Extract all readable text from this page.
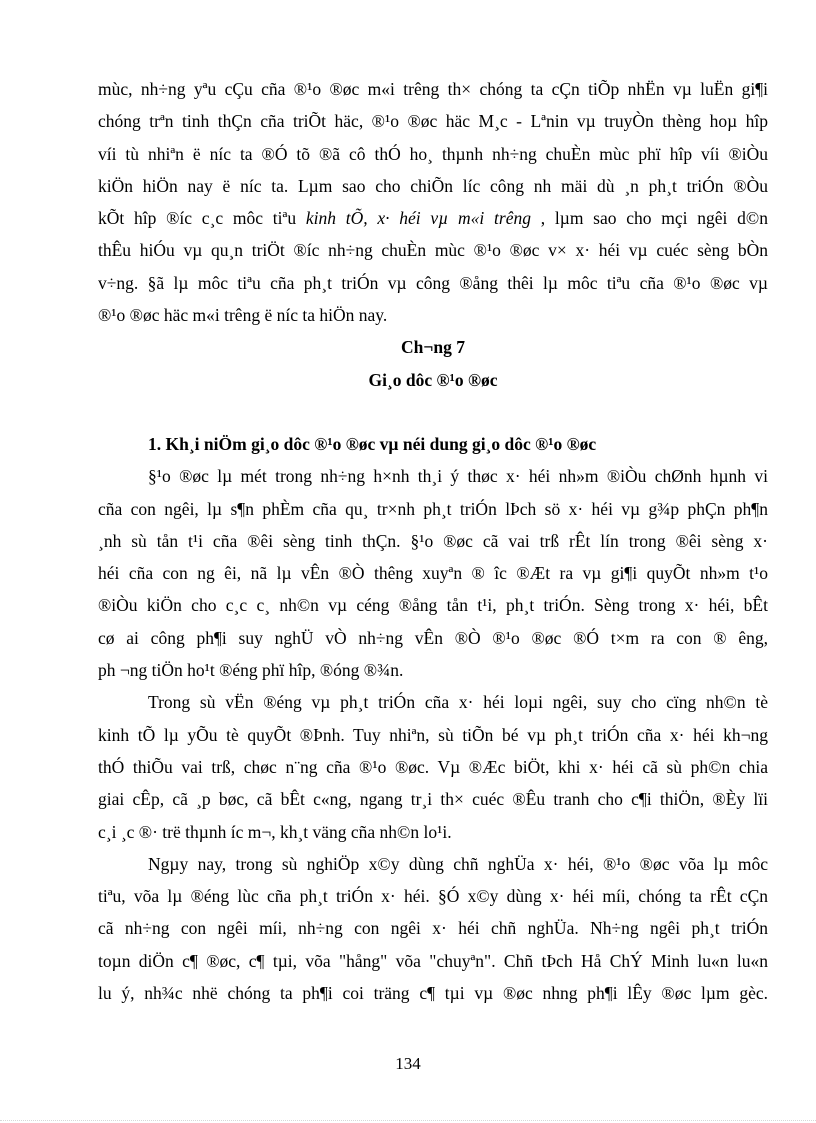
mùc, nh÷ng yªu cÇu cña ®¹o ®øc m«i trêng th× chóng ta cÇn tiÕp nhËn vµ luËn gi¶i
chóng trªn tinh thÇn cña triÕt häc, ®¹o ®øc häc M¸c - Lªnin vµ truyÒn thèng hoµ hîp
víi tù nhiªn ë níc ta ®Ó tõ ®ã cô thÓ ho¸ thµnh nh÷ng chuÈn mùc phï hîp víi ®iÒu
kiÖn hiÖn nay ë níc ta. Lµm sao cho chiÕn líc công nh mäi dù ¸n ph¸t triÓn ®Òu
kÕt hîp ®íc c¸c môc tiªu kinh tÕ, x· héi vµ m«i trêng , lµm sao cho mçi ngêi d©n
thÊu hiÓu vµ qu¸n triÖt ®íc nh÷ng chuÈn mùc ®¹o ®øc v× x· héi vµ cuéc sèng bÒn
v÷ng. §ã lµ môc tiªu cña ph¸t triÓn vµ công ®ång thêi lµ môc tiªu cña ®¹o ®øc vµ
®¹o ®øc häc m«i trêng ë níc ta hiÖn nay.
Ch¬ng 7
Gi¸o dôc ®¹o ®øc
1. Kh¸i niÖm gi¸o dôc ®¹o ®øc vµ néi dung gi¸o dôc ®¹o ®øc
§¹o ®øc lµ mét trong nh÷ng h×nh th¸i ý thøc x· héi nh»m ®iÒu chØnh hµnh vi
cña con ngêi, lµ s¶n phÈm cña qu¸ tr×nh ph¸t triÓn lÞch sö x· héi vµ g¾p phÇn ph¶n
¸nh sù tån t¹i cña ®êi sèng tinh thÇn. §¹o ®øc cã vai trß rÊt lín trong ®êi sèng x·
héi cña con ng êi, nã lµ vÊn ®Ò thêng xuyªn ® îc ®Æt ra vµ gi¶i quyÕt nh»m t¹o
®iÒu kiÖn cho c¸c c¸ nh©n vµ céng ®ång tån t¹i, ph¸t triÓn. Sèng trong x· héi, bÊt
cø ai công ph¶i suy nghÜ vÒ nh÷ng vÊn ®Ò ®¹o ®øc ®Ó t×m ra con ® êng,
ph ¬ng tiÖn ho¹t ®éng phï hîp, ®óng ®¾n.
Trong sù vËn ®éng vµ ph¸t triÓn cña x· héi loµi ngêi, suy cho cïng nh©n tè
kinh tÕ lµ yÕu tè quyÕt ®Þnh. Tuy nhiªn, sù tiÕn bé vµ ph¸t triÓn cña x· héi kh¬ng
thÓ thiÕu vai trß, chøc n¨ng cña ®¹o ®øc. Vµ ®Æc biÖt, khi x· héi cã sù ph©n chia
giai cÊp, cã ¸p bøc, cã bÊt c«ng, ngang tr¸i th× cuéc ®Êu tranh cho c¶i thiÖn, ®Èy lïi
c¸i ¸c ®· trë thµnh íc m¬, kh¸t väng cña nh©n lo¹i.
Ngµy nay, trong sù nghiÖp x©y dùng chñ nghÜa x· héi, ®¹o ®øc võa lµ môc
tiªu, võa lµ ®éng lùc cña ph¸t triÓn x· héi. §Ó x©y dùng x· héi míi, chóng ta rÊt cÇn
cã nh÷ng con ngêi míi, nh÷ng con ngêi x· héi chñ nghÜa. Nh÷ng ngêi ph¸t triÓn
toµn diÖn c¶ ®øc, c¶ tµi, võa "hång" võa "chuyªn". Chñ tÞch Hå ChÝ Minh lu«n lu«n
lu ý, nh¾c nhë chóng ta ph¶i coi träng c¶ tµi vµ ®øc nhng ph¶i lÊy ®øc lµm gèc.
134
